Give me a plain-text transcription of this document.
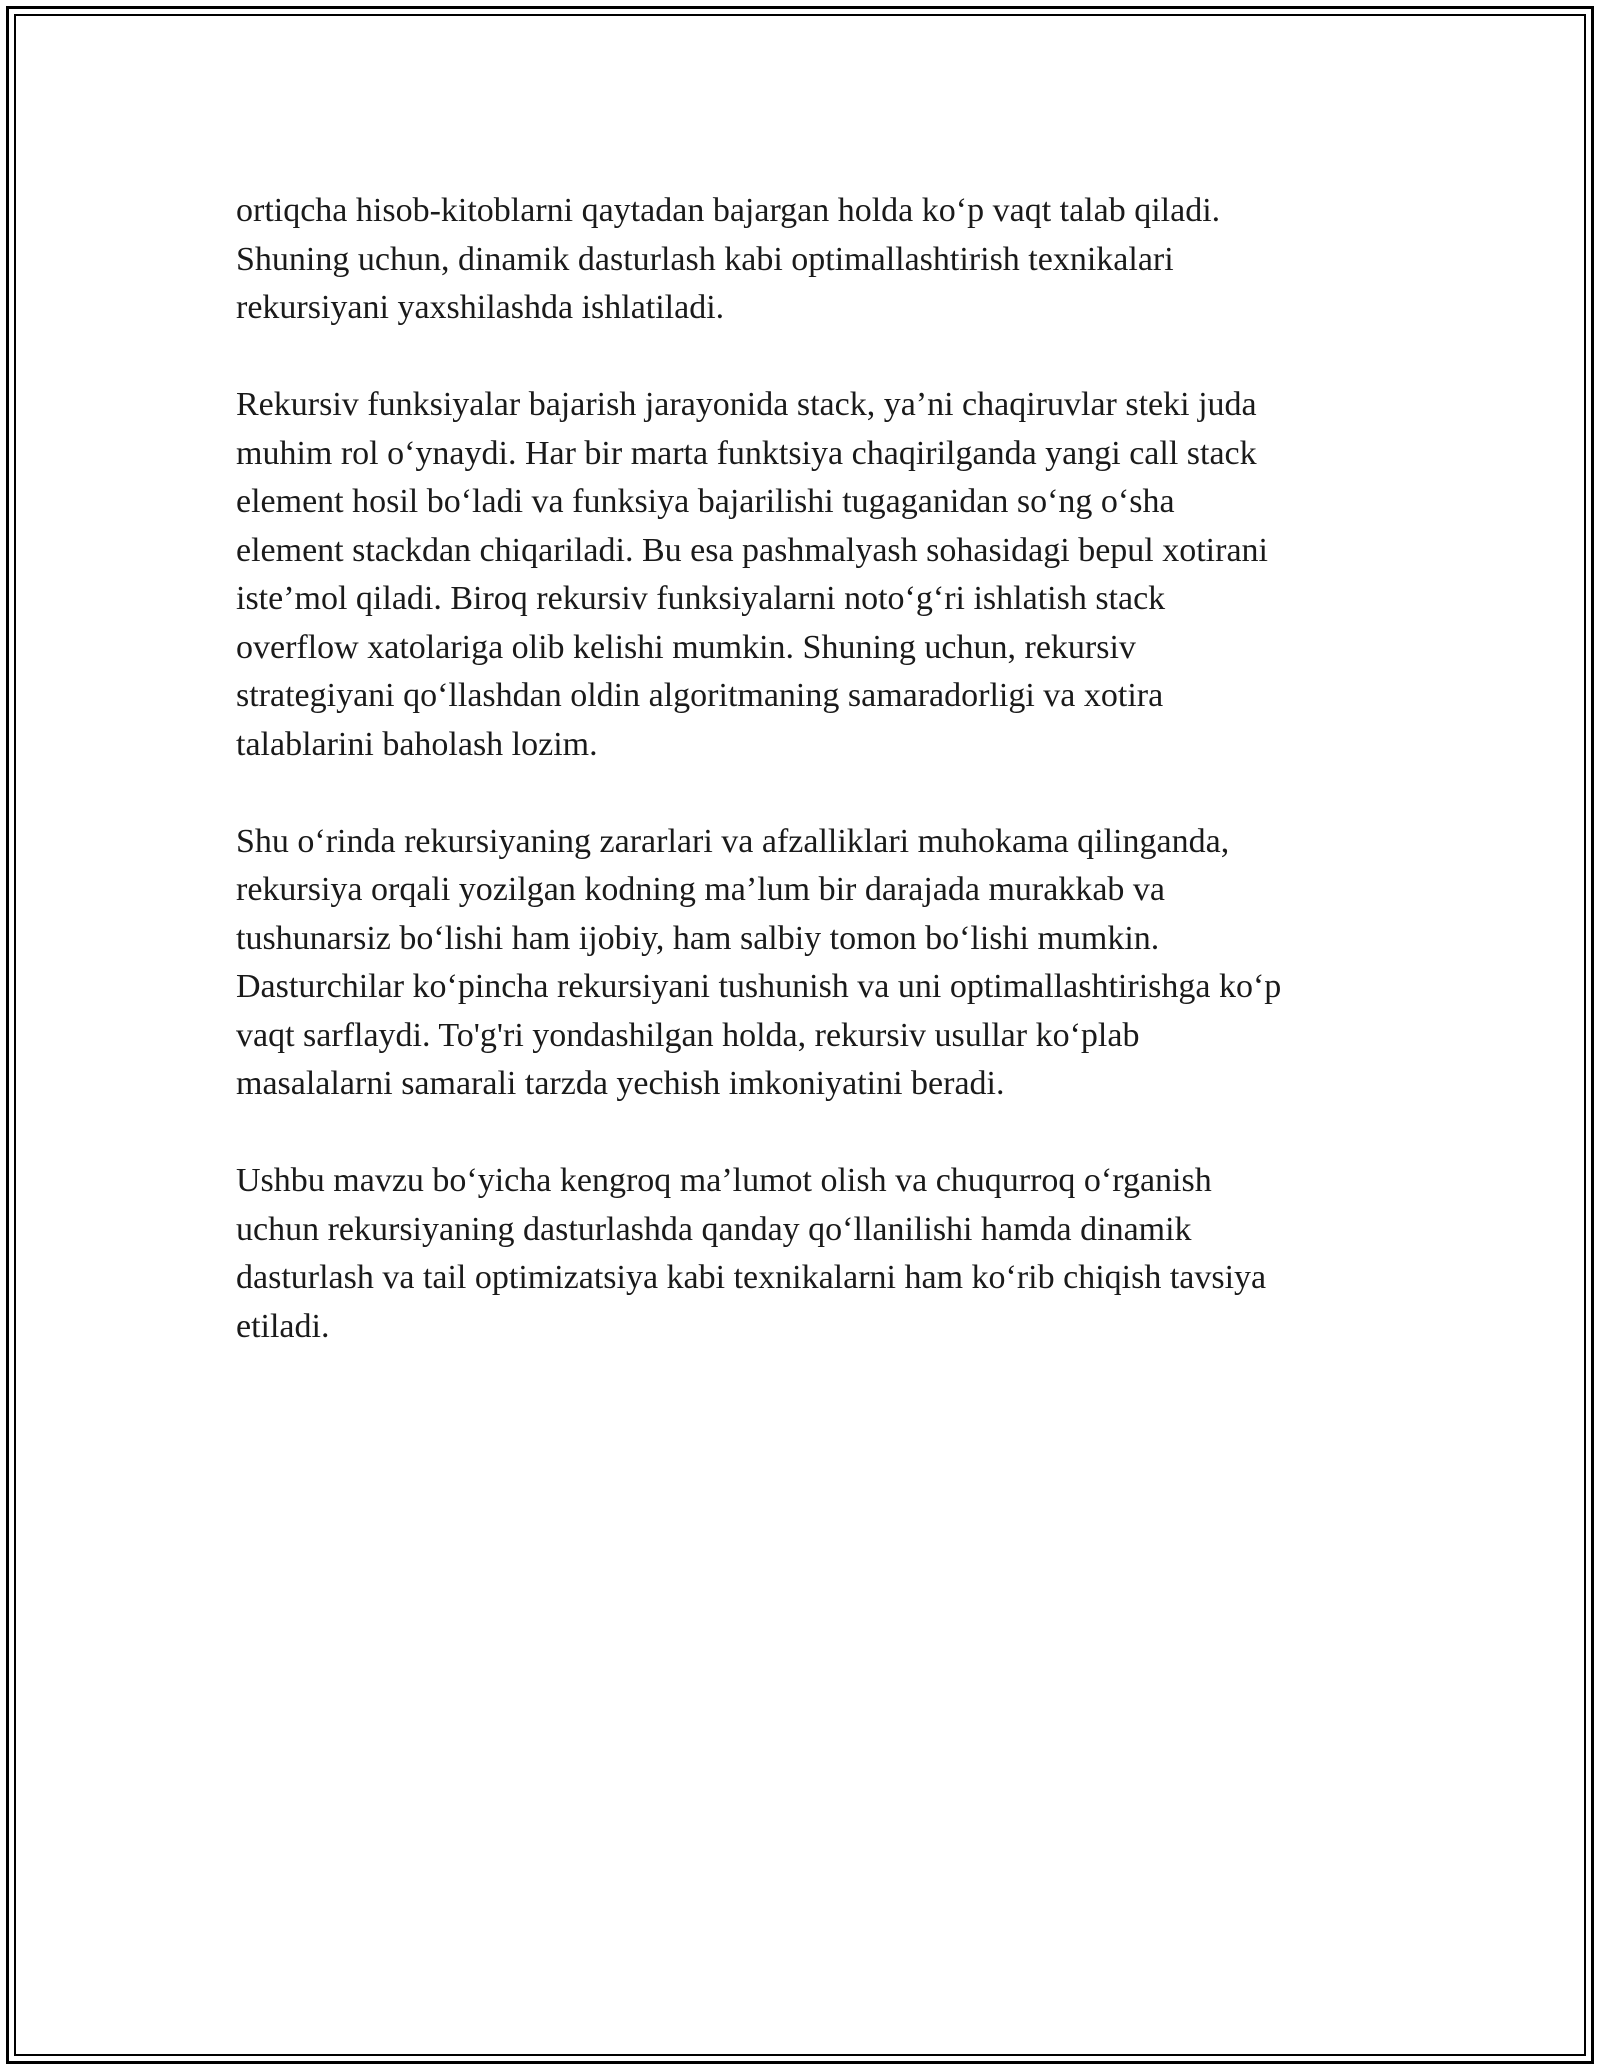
ortiqcha hisob-kitoblarni qaytadan bajargan holda ko‘p vaqt talab qiladi.
Shuning uchun, dinamik dasturlash kabi optimallashtirish texnikalari
rekursiyani yaxshilashda ishlatiladi.
Rekursiv funksiyalar bajarish jarayonida stack, ya’ni chaqiruvlar steki juda
muhim rol o‘ynaydi. Har bir marta funktsiya chaqirilganda yangi call stack
element hosil bo‘ladi va funksiya bajarilishi tugaganidan so‘ng o‘sha
element stackdan chiqariladi. Bu esa pashmalyash sohasidagi bepul xotirani
iste’mol qiladi. Biroq rekursiv funksiyalarni noto‘g‘ri ishlatish stack
overflow xatolariga olib kelishi mumkin. Shuning uchun, rekursiv
strategiyani qo‘llashdan oldin algoritmaning samaradorligi va xotira
talablarini baholash lozim.
Shu o‘rinda rekursiyaning zararlari va afzalliklari muhokama qilinganda,
rekursiya orqali yozilgan kodning ma’lum bir darajada murakkab va
tushunarsiz bo‘lishi ham ijobiy, ham salbiy tomon bo‘lishi mumkin.
Dasturchilar ko‘pincha rekursiyani tushunish va uni optimallashtirishga ko‘p
vaqt sarflaydi. To'g'ri yondashilgan holda, rekursiv usullar ko‘plab
masalalarni samarali tarzda yechish imkoniyatini beradi.
Ushbu mavzu bo‘yicha kengroq ma’lumot olish va chuqurroq o‘rganish
uchun rekursiyaning dasturlashda qanday qo‘llanilishi hamda dinamik
dasturlash va tail optimizatsiya kabi texnikalarni ham ko‘rib chiqish tavsiya
etiladi.
